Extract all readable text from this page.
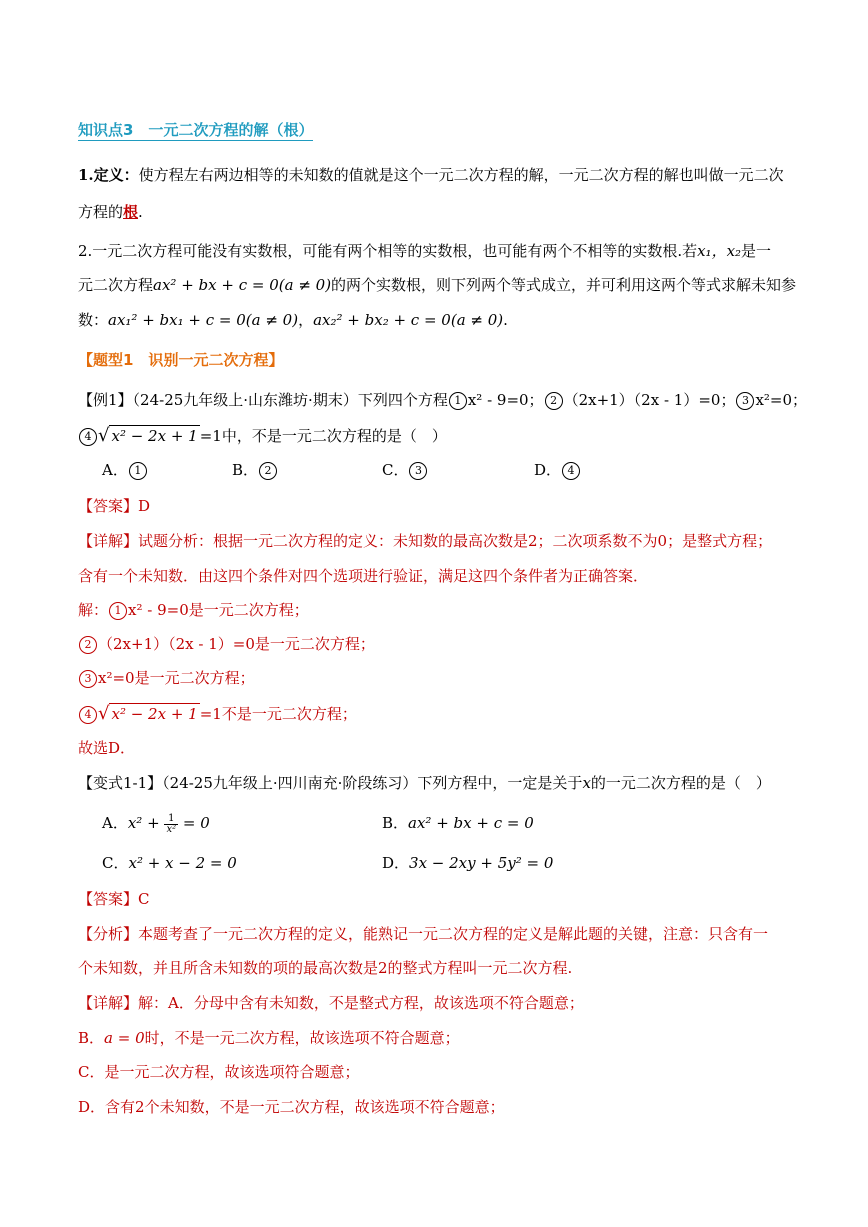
知识点3　一元二次方程的解（根）
1.定义：使方程左右两边相等的未知数的值就是这个一元二次方程的解，一元二次方程的解也叫做一元二次
方程的根.
2.一元二次方程可能没有实数根，可能有两个相等的实数根，也可能有两个不相等的实数根.若x₁，x₂是一
元二次方程ax² + bx + c = 0(a ≠ 0)的两个实数根，则下列两个等式成立，并可利用这两个等式求解未知参
数：ax₁² + bx₁ + c = 0(a ≠ 0)，ax₂² + bx₂ + c = 0(a ≠ 0).
【题型1　识别一元二次方程】
【例1】（24-25九年级上·山东潍坊·期末）下列四个方程 1 x² ‑ 9=0； 2 （2x+1）（2x ‑ 1）=0； 3 x²=0；
4 √ x² − 2x + 1 =1中，不是一元二次方程的是（　）
A． 1	B． 2	C． 3	D． 4
【答案】D
【详解】试题分析：根据一元二次方程的定义：未知数的最高次数是2；二次项系数不为0；是整式方程；
含有一个未知数．由这四个条件对四个选项进行验证，满足这四个条件者为正确答案．
解： 1 x² ‑ 9=0是一元二次方程；
2 （2x+1）（2x ‑ 1）=0是一元二次方程；
3 x²=0是一元二次方程；
4 √ x² − 2x + 1 =1不是一元二次方程；
故选D．
【变式1-1】（24-25九年级上·四川南充·阶段练习）下列方程中，一定是关于x的一元二次方程的是（　）
A．$x^2 + \frac{1}{\text{x²}} = 0$	B．ax² + bx + c = 0
C．x² + x − 2 = 0	D．3x − 2xy + 5y² = 0
【答案】C
【分析】本题考查了一元二次方程的定义，能熟记一元二次方程的定义是解此题的关键，注意：只含有一
个未知数，并且所含未知数的项的最高次数是2的整式方程叫一元二次方程.
【详解】解：A．分母中含有未知数，不是整式方程，故该选项不符合题意；
B．a = 0时，不是一元二次方程，故该选项不符合题意；
C．是一元二次方程，故该选项符合题意；
D．含有2个未知数，不是一元二次方程，故该选项不符合题意；
